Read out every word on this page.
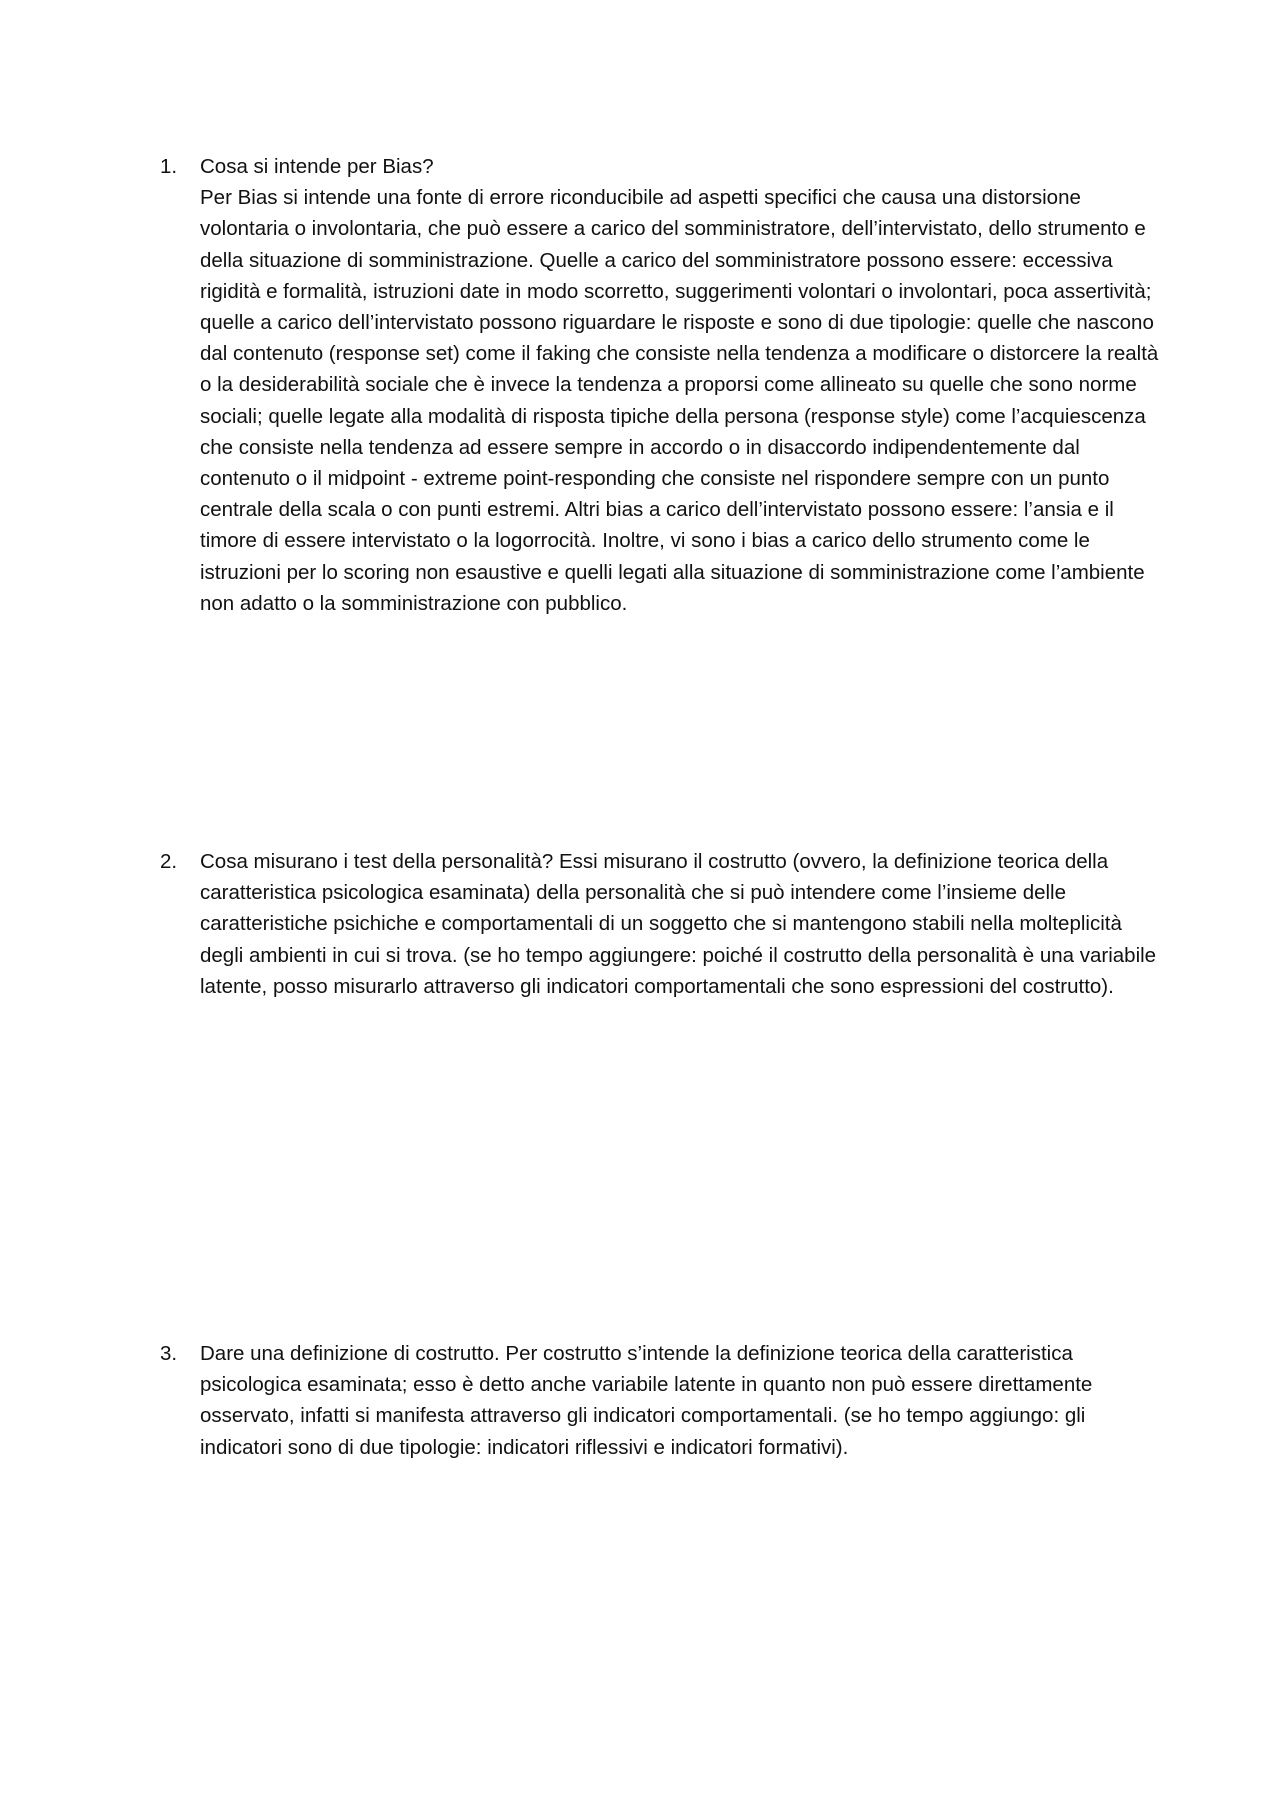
1.	Cosa si intende per Bias?

Per Bias si intende una fonte di errore riconducibile ad aspetti specifici che causa una distorsione volontaria o involontaria, che può essere a carico del somministratore, dell’intervistato, dello strumento e della situazione di somministrazione. Quelle a carico del somministratore possono essere: eccessiva rigidità e formalità, istruzioni date in modo scorretto, suggerimenti volontari o involontari, poca assertività; quelle a carico dell’intervistato possono riguardare le risposte e sono di due tipologie: quelle che nascono dal contenuto (response set) come il faking che consiste nella tendenza a modificare o distorcere la realtà o la desiderabilità sociale che è invece la tendenza a proporsi come allineato su quelle che sono norme sociali; quelle legate alla modalità di risposta tipiche della persona (response style) come l’acquiescenza che consiste nella tendenza ad essere sempre in accordo o in disaccordo indipendentemente dal contenuto o il midpoint - extreme point-responding che consiste nel rispondere sempre con un punto centrale della scala o con punti estremi. Altri bias a carico dell’intervistato possono essere: l’ansia e il timore di essere intervistato o la logorrocità. Inoltre, vi sono i bias a carico dello strumento come le istruzioni per lo scoring non esaustive e quelli legati alla situazione di somministrazione come l’ambiente non adatto o la somministrazione con pubblico.

2.	Cosa misurano i test della personalità? Essi misurano il costrutto (ovvero, la definizione teorica della caratteristica psicologica esaminata) della personalità che si può intendere come l’insieme delle caratteristiche psichiche e comportamentali di un soggetto che si mantengono stabili nella molteplicità degli ambienti in cui si trova. (se ho tempo aggiungere: poiché il costrutto della personalità è una variabile latente, posso misurarlo attraverso gli indicatori comportamentali che sono espressioni del costrutto).

3.	Dare una definizione di costrutto. Per costrutto s’intende la definizione teorica della caratteristica psicologica esaminata; esso è detto anche variabile latente in quanto non può essere direttamente osservato, infatti si manifesta attraverso gli indicatori comportamentali. (se ho tempo aggiungo: gli indicatori sono di due tipologie: indicatori riflessivi e indicatori formativi).
